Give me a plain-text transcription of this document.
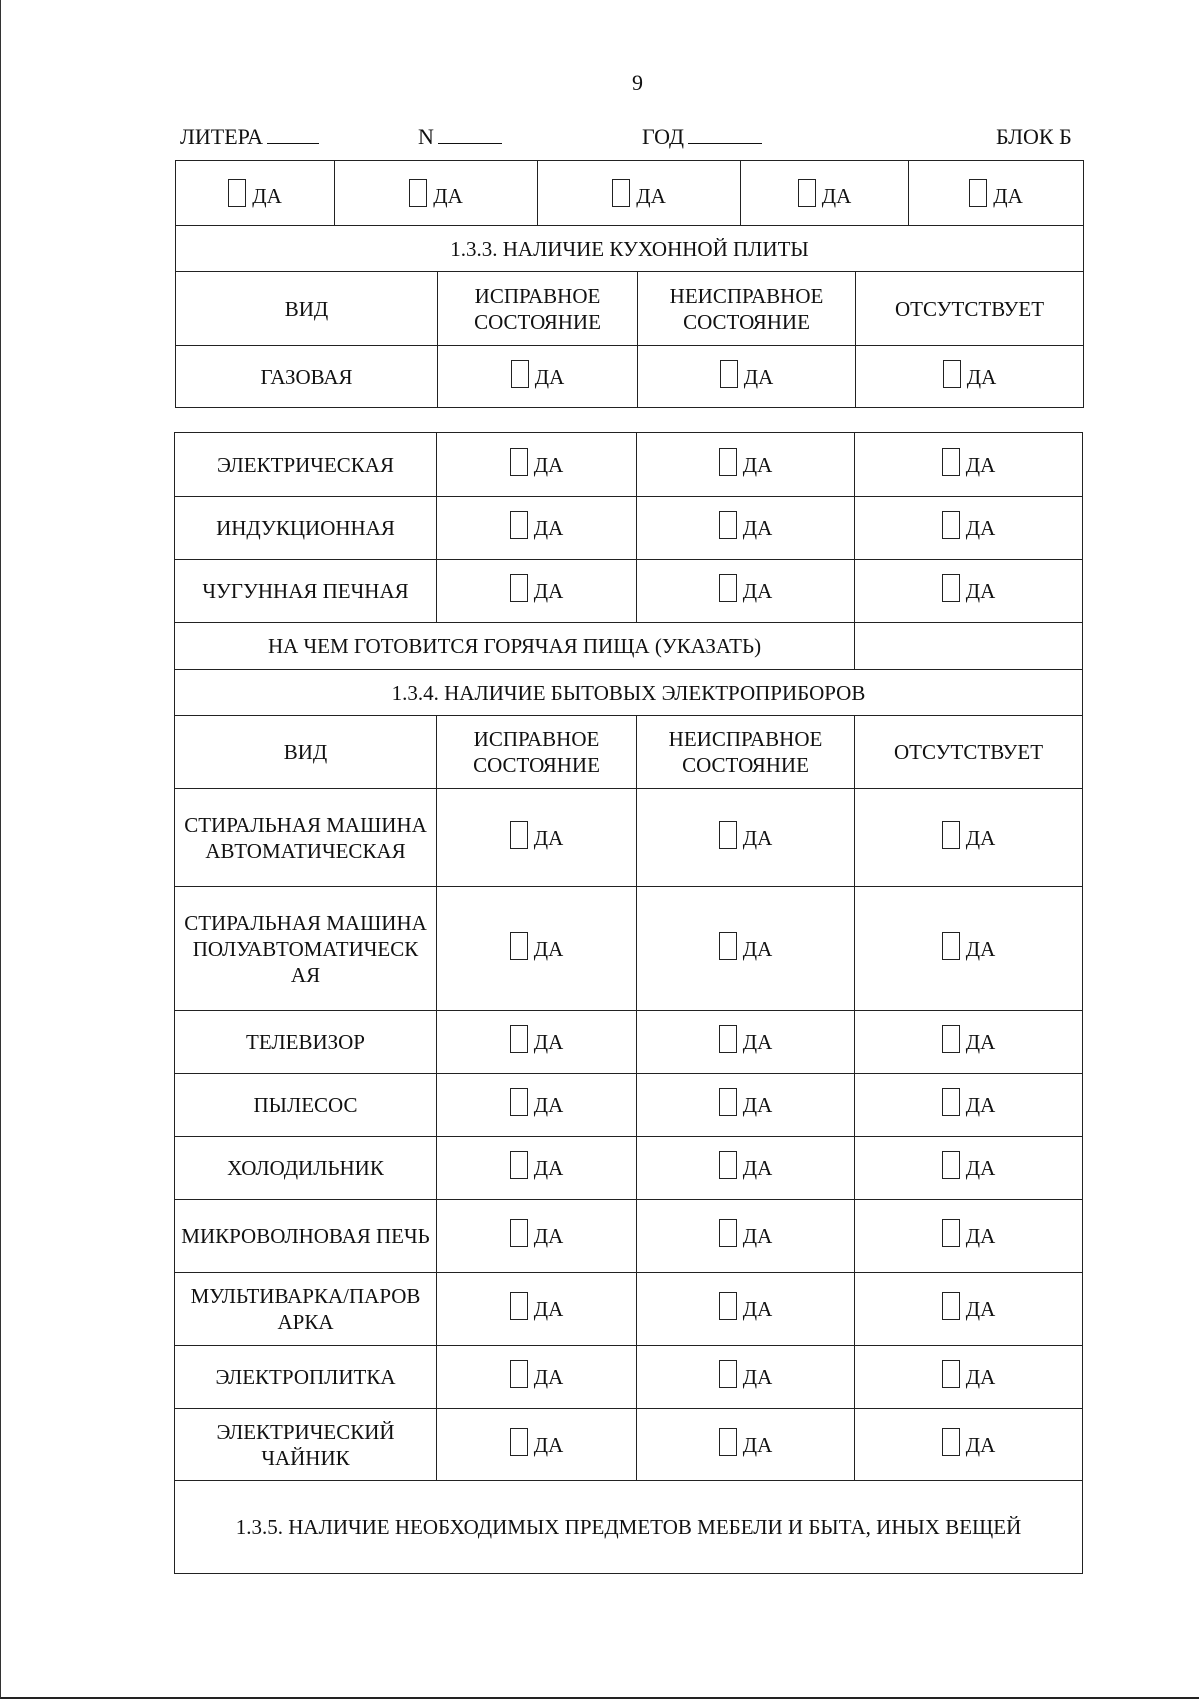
9
ЛИТЕРА	N	ГОД	БЛОК Б
ДА ДА ДА ДА ДА			

1.3.3. НАЛИЧИЕ КУХОННОЙ ПЛИТЫ			
ВИД	ИСПРАВНОЕ СОСТОЯНИЕ	НЕИСПРАВНОЕ СОСТОЯНИЕ	ОТСУТСТВУЕТ
ГАЗОВАЯ	ДА	ДА	ДА
ЭЛЕКТРИЧЕСКАЯ	ДА	ДА	ДА

ИНДУКЦИОННАЯ	ДА	ДА	ДА

ЧУГУННАЯ ПЕЧНАЯ	ДА	ДА	ДА

НА ЧЕМ ГОТОВИТСЯ ГОРЯЧАЯ ПИЩА (УКАЗАТЬ)			
1.3.4. НАЛИЧИЕ БЫТОВЫХ ЭЛЕКТРОПРИБОРОВ			
ВИД	ИСПРАВНОЕ СОСТОЯНИЕ	НЕИСПРАВНОЕ СОСТОЯНИЕ	ОТСУТСТВУЕТ
СТИРАЛЬНАЯ МАШИНА АВТОМАТИЧЕСКАЯ	ДА	ДА	ДА

СТИРАЛЬНАЯ МАШИНА ПОЛУАВТОМАТИЧЕСК АЯ	ДА	ДА	ДА

ТЕЛЕВИЗОР	ДА	ДА	ДА

ПЫЛЕСОС	ДА	ДА	ДА

ХОЛОДИЛЬНИК	ДА	ДА	ДА

МИКРОВОЛНОВАЯ ПЕЧЬ	ДА	ДА	ДА

МУЛЬТИВАРКА/ПАРОВ АРКА	ДА	ДА	ДА

ЭЛЕКТРОПЛИТКА	ДА	ДА	ДА

ЭЛЕКТРИЧЕСКИЙ ЧАЙНИК	ДА	ДА	ДА

1.3.5. НАЛИЧИЕ НЕОБХОДИМЫХ ПРЕДМЕТОВ МЕБЕЛИ И БЫТА, ИНЫХ ВЕЩЕЙ			
